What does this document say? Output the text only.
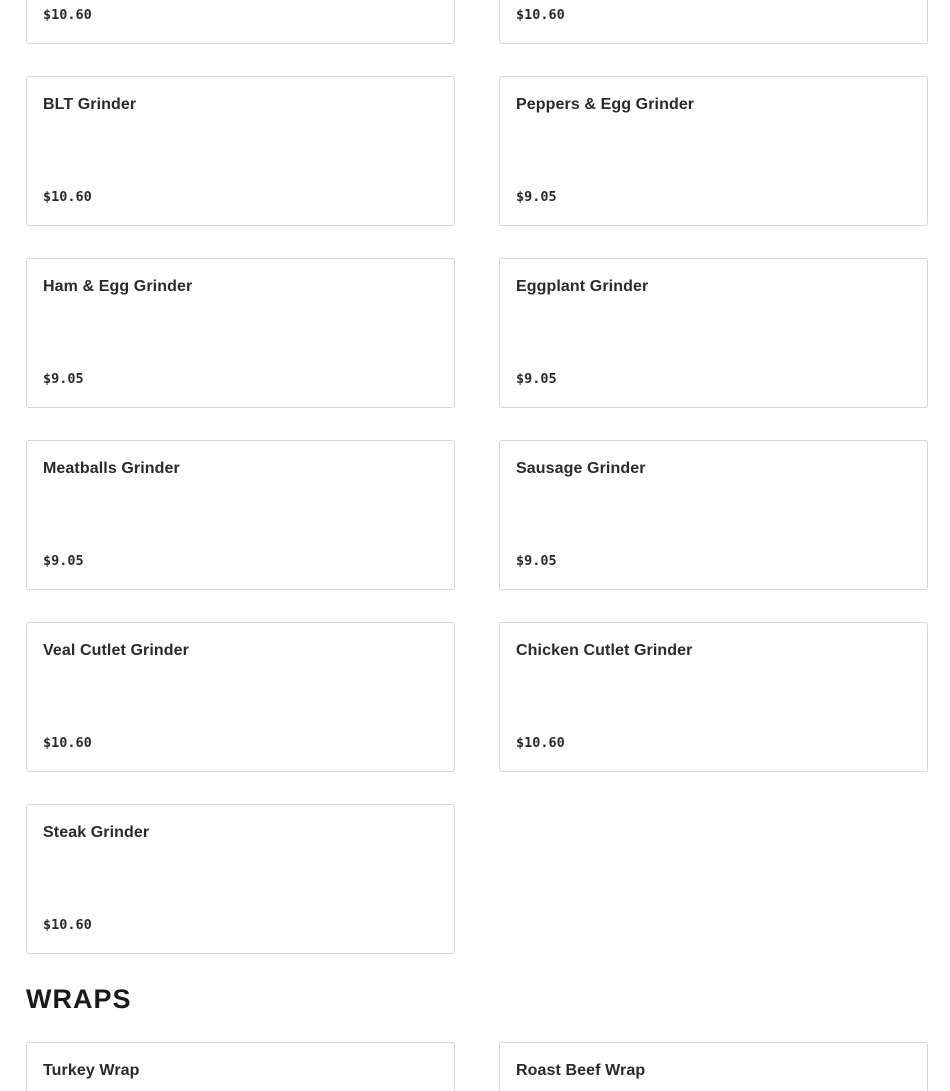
$10.60	$10.60
BLT Grinder
$10.60
Peppers & Egg Grinder
$9.05
Ham & Egg Grinder
$9.05
Eggplant Grinder
$9.05
Meatballs Grinder
$9.05
Sausage Grinder
$9.05
Veal Cutlet Grinder
$10.60
Chicken Cutlet Grinder
$10.60
Steak Grinder
$10.60
WRAPS
Turkey Wrap	Roast Beef Wrap
